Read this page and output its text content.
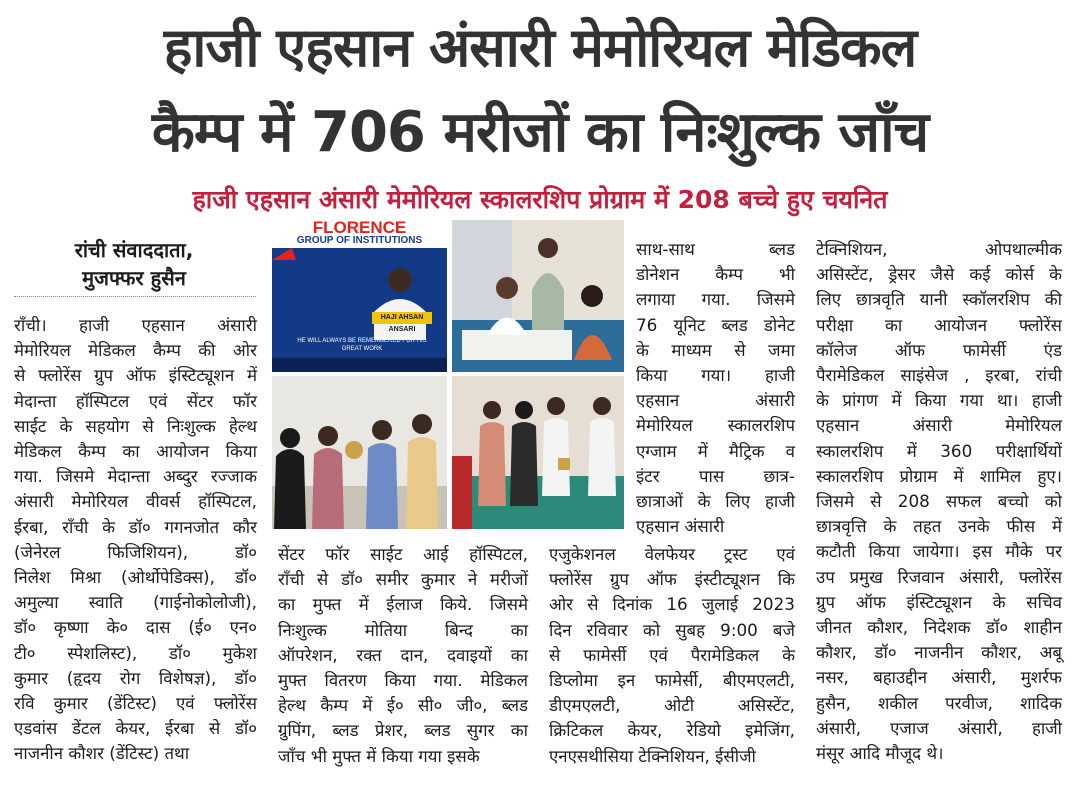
हाजी एहसान अंसारी मेमोरियल मेडिकल
कैम्प में 706 मरीजों का निःशुल्क जाँच
हाजी एहसान अंसारी मेमोरियल स्कालरशिप प्रोग्राम में 208 बच्चे हुए चयनित
रांची संवाददाता,
मुजफ्फर हुसैन
रॉंची। हाजी एहसान अंसारी
मेमोरियल मेडिकल कैम्प की ओर
से फ्लोरेंस ग्रुप ऑफ इंस्टिट्यूशन में
मेदान्ता हॉस्पिटल एवं सेंटर फॉर
साईट के सहयोग से निःशुल्क हेल्थ
मेडिकल कैम्प का आयोजन किया
गया. जिसमे मेदान्ता अब्दुर रज्जाक
अंसारी मेमोरियल वीवर्स हॉस्पिटल,
ईरबा, राँची के डॉ० गगनजोत कौर
(जेनेरल	फिजिशियन),	डॉ०
निलेश मिश्रा (ओर्थोपेडिक्स), डॉ०
अमुल्या स्वाति (गाईनोकोलोजी),
डॉ० कृष्णा के० दास (ई० एन०
टी० स्पेशलिस्ट), डॉ० मुकेश
कुमार (हृदय रोग विशेषज्ञ), डॉ०
रवि कुमार (डेंटिस्ट) एवं फ्लोरेंस
एडवांस डेंटल केयर, ईरबा से डॉ०
नाजनीन कौशर (डेंटिस्ट) तथा
FLORENCE
GROUP OF INSTITUTIONS
HAJI AHSAN ANSARI
HE WILL ALWAYS BE REMEMBERED FOR HIS GREAT WORK
सेंटर फॉर साईट आई हॉस्पिटल,
राँची से डॉ० समीर कुमार ने मरीजों
का मुफ्त में ईलाज किये. जिसमे
निःशुल्क मोतिया बिन्द का
ऑपरेशन, रक्त दान, दवाइयों का
मुफ्त वितरण किया गया. मेडिकल
हेल्थ कैम्प में ई० सी० जी०, ब्लड
ग्रुपिंग, ब्लड प्रेशर, ब्लड सुगर का
जाँच भी मुफ्त में किया गया इसके
साथ-साथ	ब्लड
डोनेशन कैम्प भी
लगाया गया. जिसमे
76 यूनिट ब्लड डोनेट
के माध्यम से जमा
किया गया। हाजी
एहसान	अंसारी
मेमोरियल स्कालरशिप
एग्जाम में मैट्रिक व
इंटर पास छात्र-
छात्राओं के लिए हाजी
एहसान अंसारी
एजुकेशनल वेलफेयर ट्रस्ट एवं
फ्लोरेंस ग्रुप ऑफ इंस्टीट्यूशन कि
ओर से दिनांक 16 जुलाई 2023
दिन रविवार को सुबह 9:00 बजे
से फामेर्सी एवं पैरामेडिकल के
डिप्लोमा इन फामेर्सी, बीएमएलटी,
डीएमएलटी,	ओटी	असिस्टेंट,
क्रिटिकल केयर, रेडियो इमेजिंग,
एनएसथीसिया टेक्निशियन, ईसीजी
टेक्निशियन,	ओपथाल्मीक
असिस्टेंट, ड्रेसर जैसे कई कोर्स के
लिए छात्रवृति यानी स्कॉलरशिप की
परीक्षा का आयोजन फ्लोरेंस
कॉलेज ऑफ फामेर्सी एंड
पैरामेडिकल साइंसेज , इरबा, रांची
के प्रांगण में किया गया था। हाजी
एहसान	अंसारी	मेमोरियल
स्कालरशिप में 360 परीक्षार्थियों
स्कालरशिप प्रोग्राम में शामिल हुए।
जिसमे से 208 सफल बच्चो को
छात्रवृत्ति के तहत उनके फीस में
कटौती किया जायेगा। इस मौके पर
उप प्रमुख रिजवान अंसारी, फ्लोरेंस
ग्रुप ऑफ इंस्टिट्यूशन के सचिव
जीनत कौशर, निदेशक डॉ० शाहीन
कौशर, डॉ० नाजनीन कौशर, अबू
नसर, बहाउद्दीन अंसारी, मुशर्रफ
हुसैन, शकील परवीज, शादिक
अंसारी, एजाज अंसारी, हाजी
मंसूर आदि मौजूद थे।
